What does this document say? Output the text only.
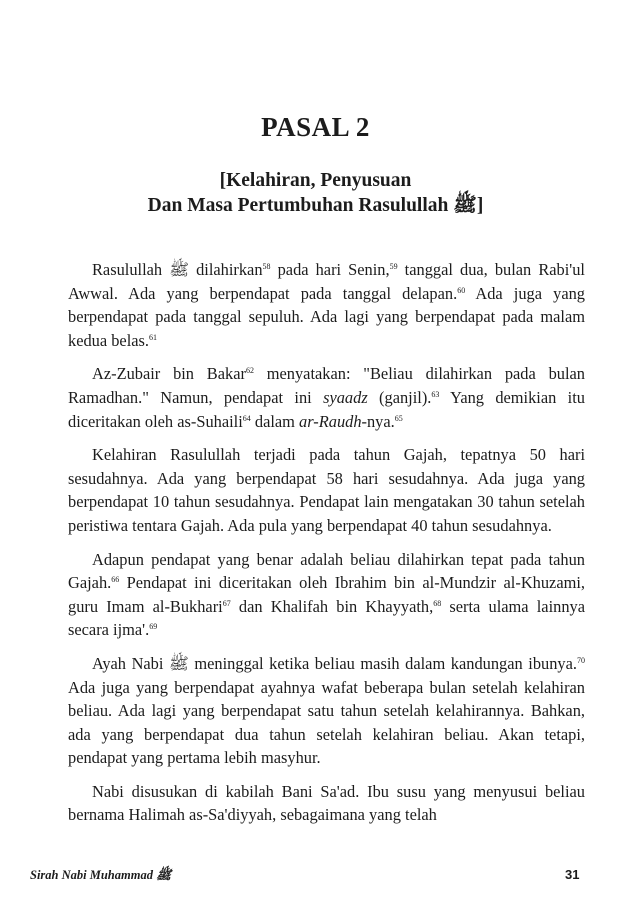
PASAL 2
[Kelahiran, Penyusuan
Dan Masa Pertumbuhan Rasulullah ﷺ]

Rasulullah ﷺ dilahirkan$^{58}$ pada hari Senin,$^{59}$ tanggal dua, bulan Rabi'ul Awwal. Ada yang berpendapat pada tanggal delapan.$^{60}$ Ada juga yang berpendapat pada tanggal sepuluh. Ada lagi yang berpendapat pada malam kedua belas.$^{61}$

Az-Zubair bin Bakar$^{62}$ menyatakan: "Beliau dilahirkan pada bulan Ramadhan." Namun, pendapat ini syaadz (ganjil).$^{63}$ Yang demikian itu diceritakan oleh as-Suhaili$^{64}$ dalam ar-Raudh-nya.$^{65}$

Kelahiran Rasulullah terjadi pada tahun Gajah, tepatnya 50 hari sesudahnya. Ada yang berpendapat 58 hari sesudahnya. Ada juga yang berpendapat 10 tahun sesudahnya. Pendapat lain mengatakan 30 tahun setelah peristiwa tentara Gajah. Ada pula yang berpendapat 40 tahun sesudahnya.

Adapun pendapat yang benar adalah beliau dilahirkan tepat pada tahun Gajah.$^{66}$ Pendapat ini diceritakan oleh Ibrahim bin al-Mundzir al-Khuzami, guru Imam al-Bukhari$^{67}$ dan Khalifah bin Khayyath,$^{68}$ serta ulama lainnya secara ijma'.$^{69}$

Ayah Nabi ﷺ meninggal ketika beliau masih dalam kandungan ibunya.$^{70}$ Ada juga yang berpendapat ayahnya wafat beberapa bulan setelah kelahiran beliau. Ada lagi yang berpendapat satu tahun setelah kelahirannya. Bahkan, ada yang berpendapat dua tahun setelah kelahiran beliau. Akan tetapi, pendapat yang pertama lebih masyhur.

Nabi disusukan di kabilah Bani Sa'ad. Ibu susu yang menyusui beliau bernama Halimah as-Sa'diyyah, sebagaimana yang telah

Sirah Nabi Muhammad ﷺ	31
